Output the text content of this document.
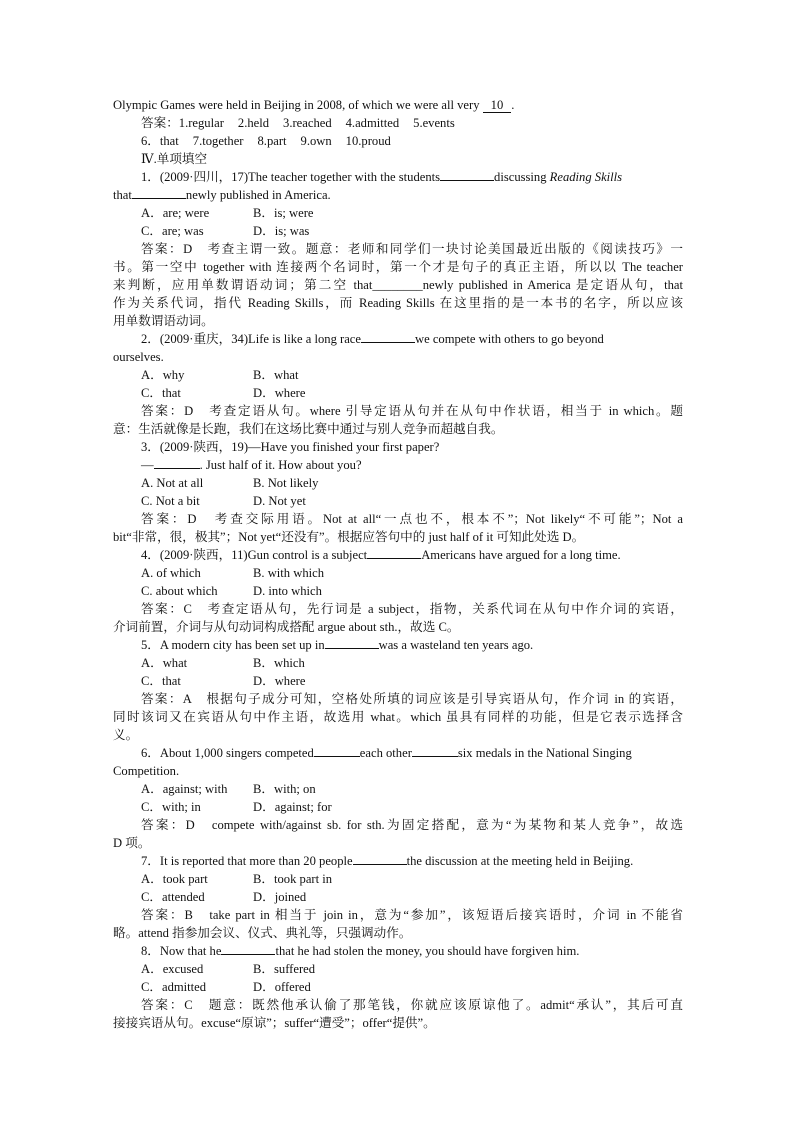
Olympic Games were held in Beijing in 2008, of which we were all very 10 .
答案：1.regular 2.held 3.reached 4.admitted 5.events
6．that 7.together 8.part 9.own 10.proud
Ⅳ.单项填空
1．(2009·四川，17)The teacher together with the students	discussing Reading Skills
that	newly published in America.
A．are; were	B．is; were
C．are; was	D．is; was
答案：D　考查主谓一致。题意：老师和同学们一块讨论美国最近出版的《阅读技巧》一
书。第一空中 together with 连接两个名词时，第一个才是句子的真正主语，所以以 The teacher
来判断，应用单数谓语动词；第二空 that________newly published in America 是定语从句，that
作为关系代词，指代 Reading Skills，而 Reading Skills 在这里指的是一本书的名字，所以应该
用单数谓语动词。
2．(2009·重庆，34)Life is like a long race	we compete with others to go beyond
ourselves.
A．why	B．what
C．that	D．where
答案：D　考查定语从句。where 引导定语从句并在从句中作状语，相当于 in which。题
意：生活就像是长跑，我们在这场比赛中通过与别人竞争而超越自我。
3．(2009·陕西，19)—Have you finished your first paper?
—	. Just half of it. How about you?
A. Not at all	B. Not likely
C. Not a bit	D. Not yet
答案：D　考查交际用语。Not at all“一点也不，根本不”；Not likely“不可能”；Not a
bit“非常，很，极其”；Not yet“还没有”。根据应答句中的 just half of it 可知此处选 D。
4．(2009·陕西，11)Gun control is a subject	Americans have argued for a long time.
A. of which	B. with which
C. about which	D. into which
答案：C　考查定语从句，先行词是 a subject，指物，关系代词在从句中作介词的宾语，
介词前置，介词与从句动词构成搭配 argue about sth.，故选 C。
5．A modern city has been set up in	was a wasteland ten years ago.
A．what	B．which
C．that	D．where
答案：A　根据句子成分可知，空格处所填的词应该是引导宾语从句，作介词 in 的宾语，
同时该词又在宾语从句中作主语，故选用 what。which 虽具有同样的功能，但是它表示选择含
义。
6．About 1,000 singers competed	each other	six medals in the National Singing
Competition.
A．against; with B．with; on
C．with; in	D．against; for
答案：D　compete with/against sb. for sth.为固定搭配，意为“为某物和某人竞争”，故选
D 项。
7．It is reported that more than 20 people	the discussion at the meeting held in Beijing.
A．took part	B．took part in
C．attended	D．joined
答案：B　take part in 相当于 join in，意为“参加”，该短语后接宾语时，介词 in 不能省
略。attend 指参加会议、仪式、典礼等，只强调动作。
8．Now that he	that he had stolen the money, you should have forgiven him.
A．excused	B．suffered
C．admitted	D．offered
答案：C　题意：既然他承认偷了那笔钱，你就应该原谅他了。admit“承认”，其后可直
接接宾语从句。excuse“原谅”；suffer“遭受”；offer“提供”。
